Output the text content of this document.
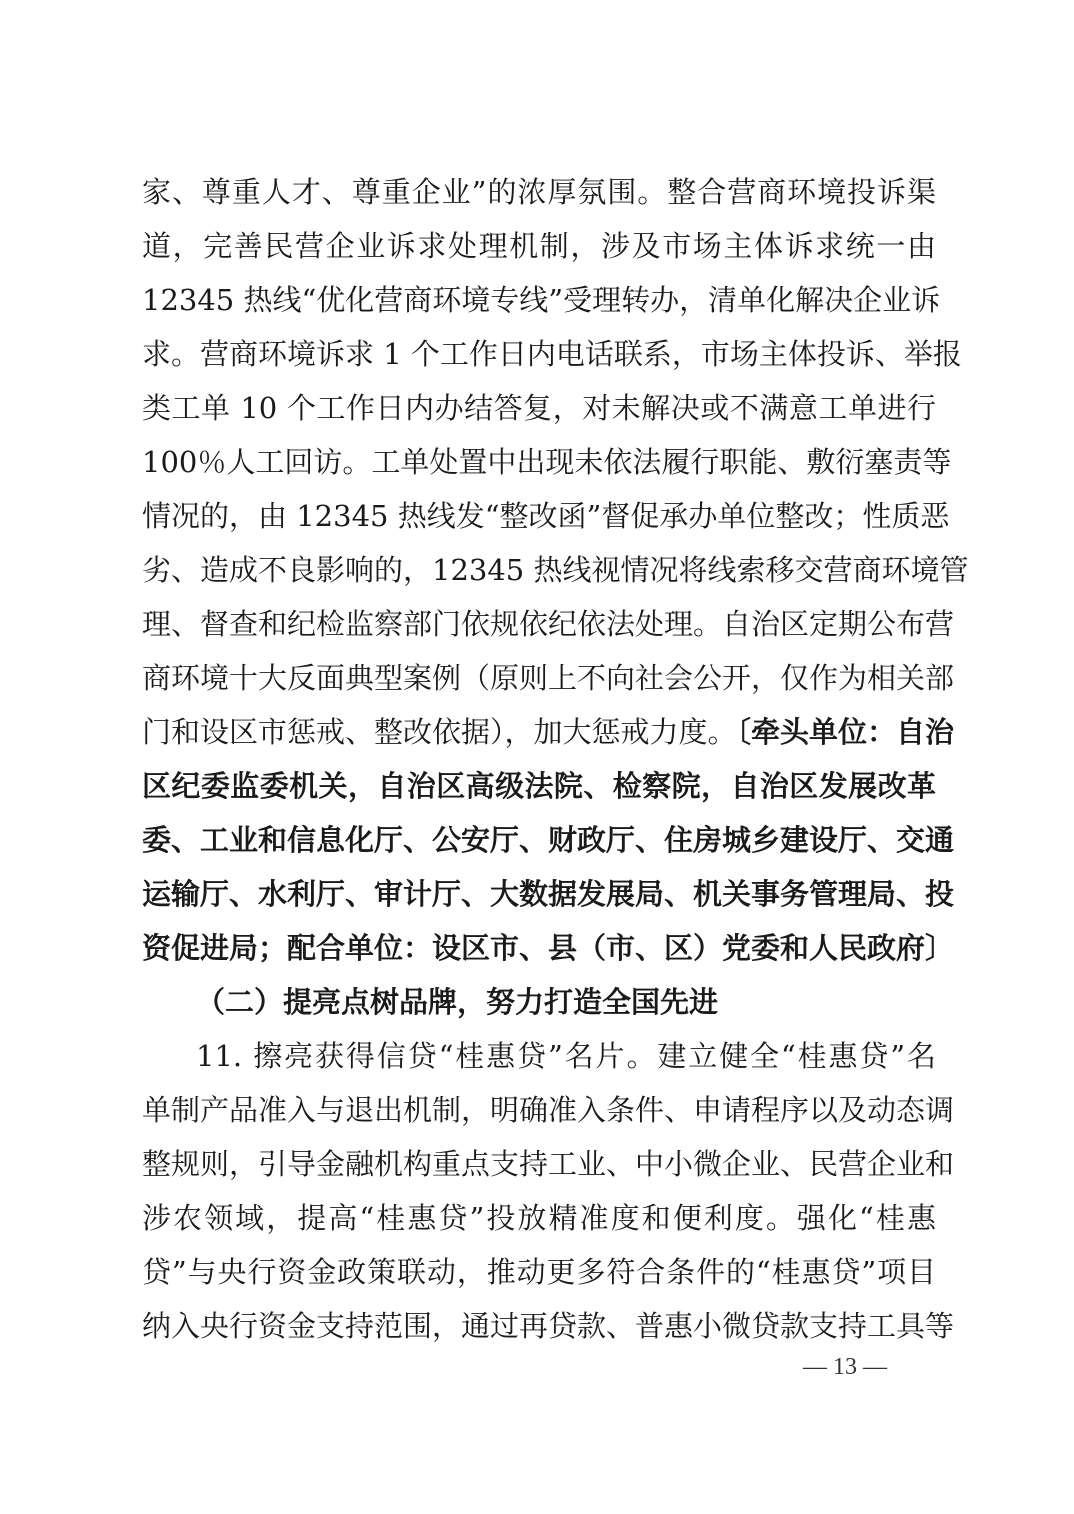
家、尊重人才、尊重企业”的浓厚氛围。整合营商环境投诉渠
道，完善民营企业诉求处理机制，涉及市场主体诉求统一由
12345 热线“优化营商环境专线”受理转办，清单化解决企业诉
求。营商环境诉求 1 个工作日内电话联系，市场主体投诉、举报
类工单 10 个工作日内办结答复，对未解决或不满意工单进行
100％人工回访。工单处置中出现未依法履行职能、敷衍塞责等
情况的，由 12345 热线发“整改函”督促承办单位整改；性质恶
劣、造成不良影响的，12345 热线视情况将线索移交营商环境管
理、督查和纪检监察部门依规依纪依法处理。自治区定期公布营
商环境十大反面典型案例（原则上不向社会公开，仅作为相关部
门和设区市惩戒、整改依据），加大惩戒力度。〔牵头单位：自治
区纪委监委机关，自治区高级法院、检察院，自治区发展改革
委、工业和信息化厅、公安厅、财政厅、住房城乡建设厅、交通
运输厅、水利厅、审计厅、大数据发展局、机关事务管理局、投
资促进局；配合单位：设区市、县（市、区）党委和人民政府〕
（二）提亮点树品牌，努力打造全国先进
11. 擦亮获得信贷“桂惠贷”名片。建立健全“桂惠贷”名
单制产品准入与退出机制，明确准入条件、申请程序以及动态调
整规则，引导金融机构重点支持工业、中小微企业、民营企业和
涉农领域，提高“桂惠贷”投放精准度和便利度。强化“桂惠
贷”与央行资金政策联动，推动更多符合条件的“桂惠贷”项目
纳入央行资金支持范围，通过再贷款、普惠小微贷款支持工具等
— 13 —
